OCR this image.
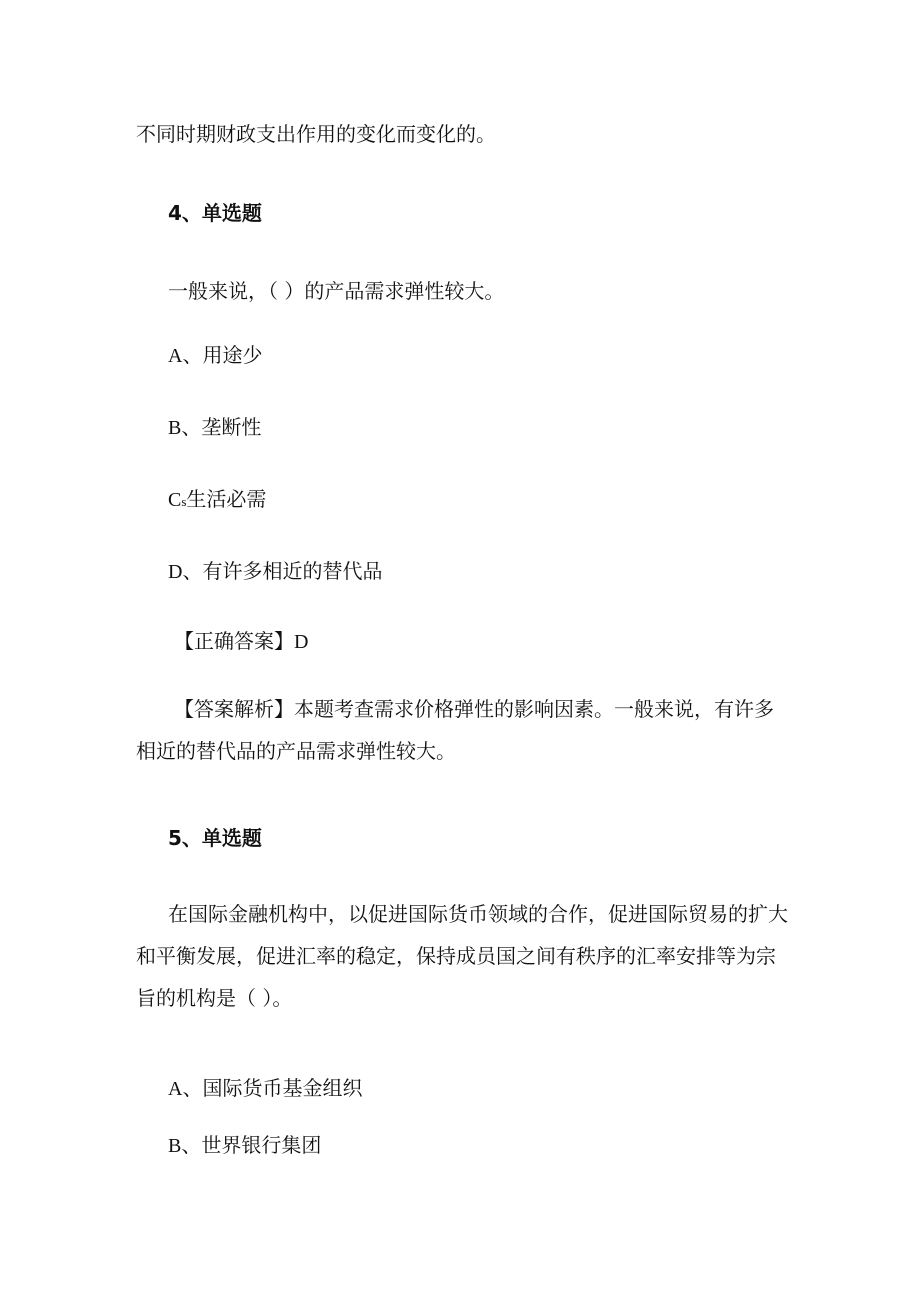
不同时期财政支出作用的变化而变化的。
4、单选题
一般来说，（ ）的产品需求弹性较大。
A、用途少
B、垄断性
Cs生活必需
D、有许多相近的替代品
【正确答案】D
【答案解析】本题考查需求价格弹性的影响因素。一般来说，有许多相近的替代品的产品需求弹性较大。
5、单选题
在国际金融机构中，以促进国际货币领域的合作，促进国际贸易的扩大和平衡发展，促进汇率的稳定，保持成员国之间有秩序的汇率安排等为宗旨的机构是（ ）。
A、国际货币基金组织
B、世界银行集团
